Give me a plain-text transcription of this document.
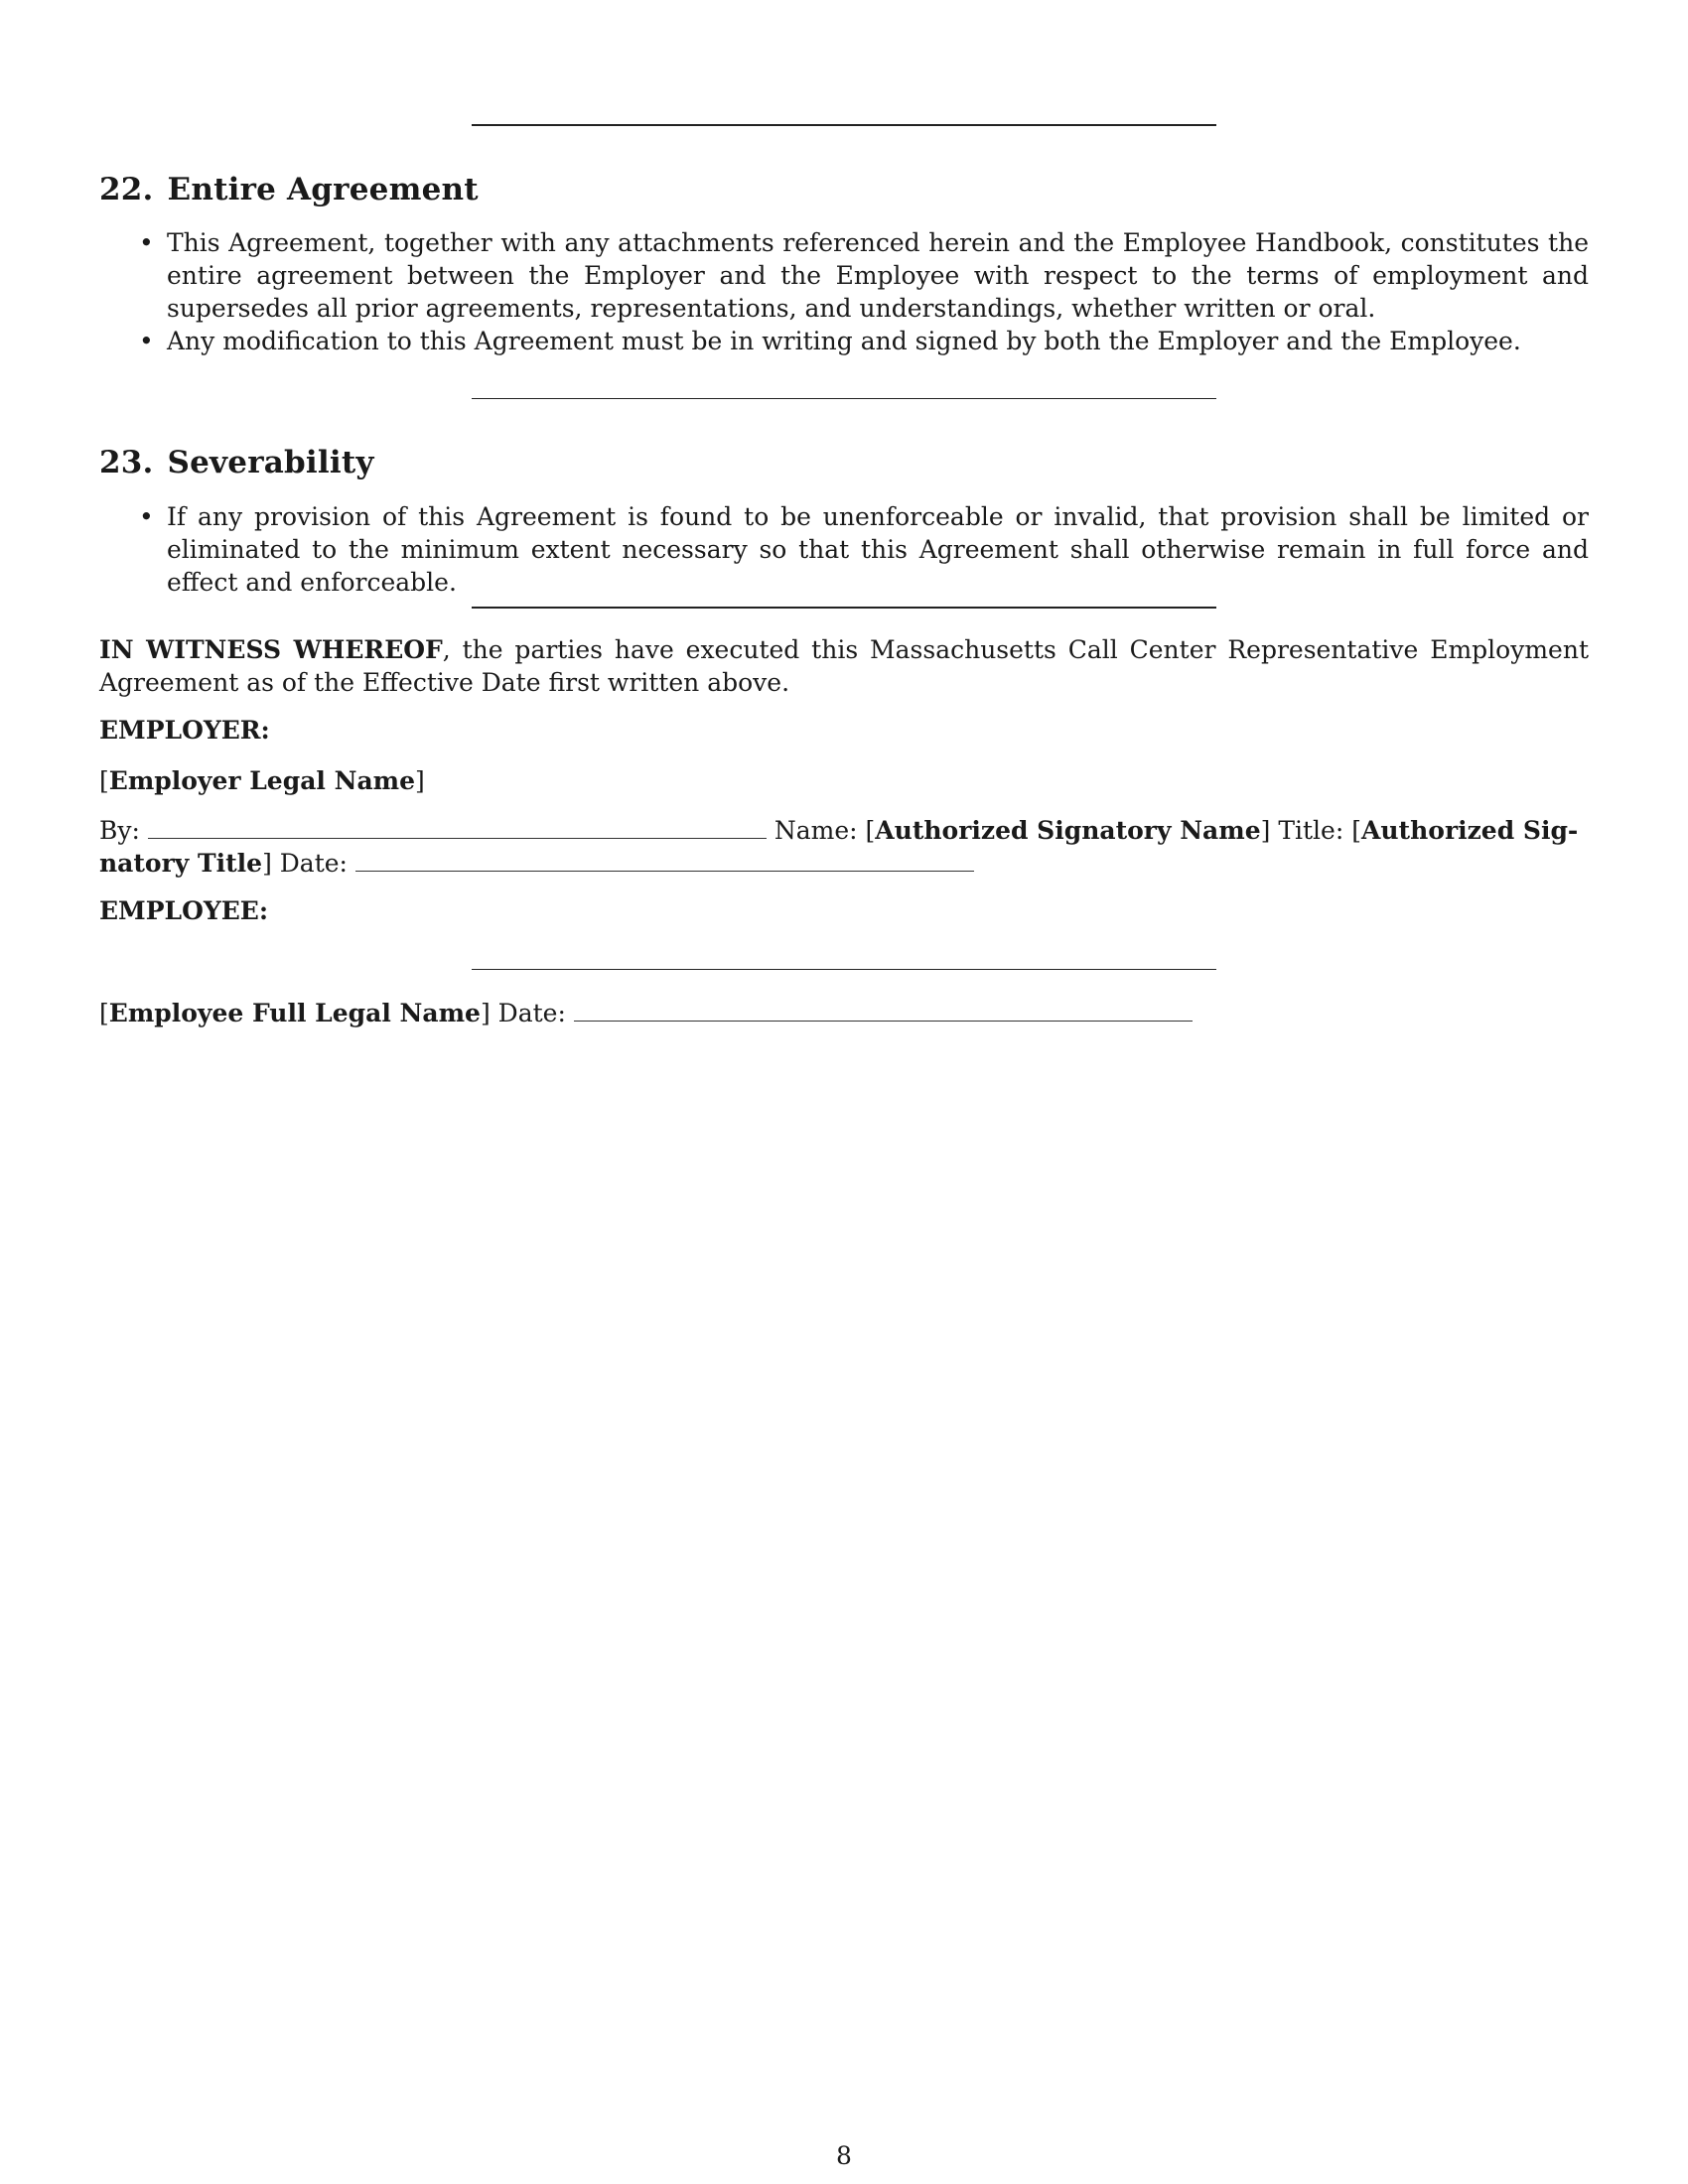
22. Entire Agreement
• This Agreement, together with any attachments referenced herein and the Employee Handbook, constitutes the entire agreement between the Employer and the Employee with respect to the terms of employment and supersedes all prior agreements, representations, and understandings, whether written or oral.
• Any modification to this Agreement must be in writing and signed by both the Employer and the Employee.
23. Severability
• If any provision of this Agreement is found to be unenforceable or invalid, that provision shall be limited or eliminated to the minimum extent necessary so that this Agreement shall otherwise remain in full force and effect and enforceable.

IN WITNESS WHEREOF, the parties have executed this Massachusetts Call Center Representative Employment Agreement as of the Effective Date first written above.

EMPLOYER:

[Employer Legal Name]

By:	Name: [Authorized Signatory Name] Title: [Authorized Sig-
natory Title] Date:

EMPLOYEE:

[Employee Full Legal Name] Date:

8
